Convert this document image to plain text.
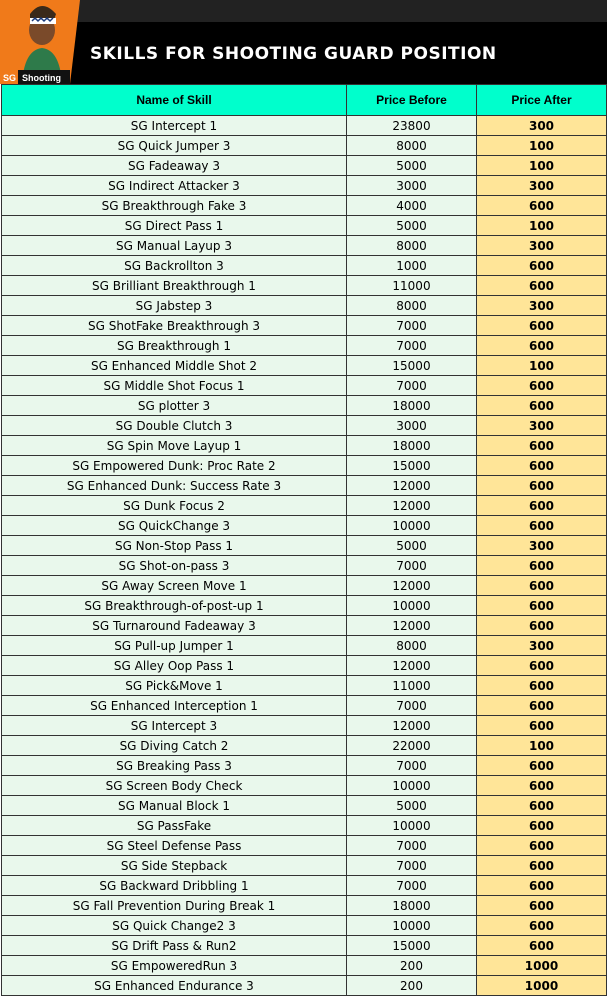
SG Shooting
SKILLS FOR SHOOTING GUARD POSITION
Name of Skill	Price Before	Price After
SG Intercept 1	23800	300
SG Quick Jumper 3	8000	100
SG Fadeaway 3	5000	100
SG Indirect Attacker 3	3000	300
SG Breakthrough Fake 3	4000	600
SG Direct Pass 1	5000	100
SG Manual Layup 3	8000	300
SG Backrollton 3	1000	600
SG Brilliant Breakthrough 1	11000	600
SG Jabstep 3	8000	300
SG ShotFake Breakthrough 3	7000	600
SG Breakthrough 1	7000	600
SG Enhanced Middle Shot 2	15000	100
SG Middle Shot Focus 1	7000	600
SG plotter 3	18000	600
SG Double Clutch 3	3000	300
SG Spin Move Layup 1	18000	600
SG Empowered Dunk: Proc Rate 2	15000	600
SG Enhanced Dunk: Success Rate 3	12000	600
SG Dunk Focus 2	12000	600
SG QuickChange 3	10000	600
SG Non-Stop Pass 1	5000	300
SG Shot-on-pass 3	7000	600
SG Away Screen Move 1	12000	600
SG Breakthrough-of-post-up 1	10000	600
SG Turnaround Fadeaway 3	12000	600
SG Pull-up Jumper 1	8000	300
SG Alley Oop Pass 1	12000	600
SG Pick&Move 1	11000	600
SG Enhanced Interception 1	7000	600
SG Intercept 3	12000	600
SG Diving Catch 2	22000	100
SG Breaking Pass 3	7000	600
SG Screen Body Check	10000	600
SG Manual Block 1	5000	600
SG PassFake	10000	600
SG Steel Defense Pass	7000	600
SG Side Stepback	7000	600
SG Backward Dribbling 1	7000	600
SG Fall Prevention During Break 1	18000	600
SG Quick Change2 3	10000	600
SG Drift Pass & Run2	15000	600
SG EmpoweredRun 3	200	1000
SG Enhanced Endurance 3	200	1000
